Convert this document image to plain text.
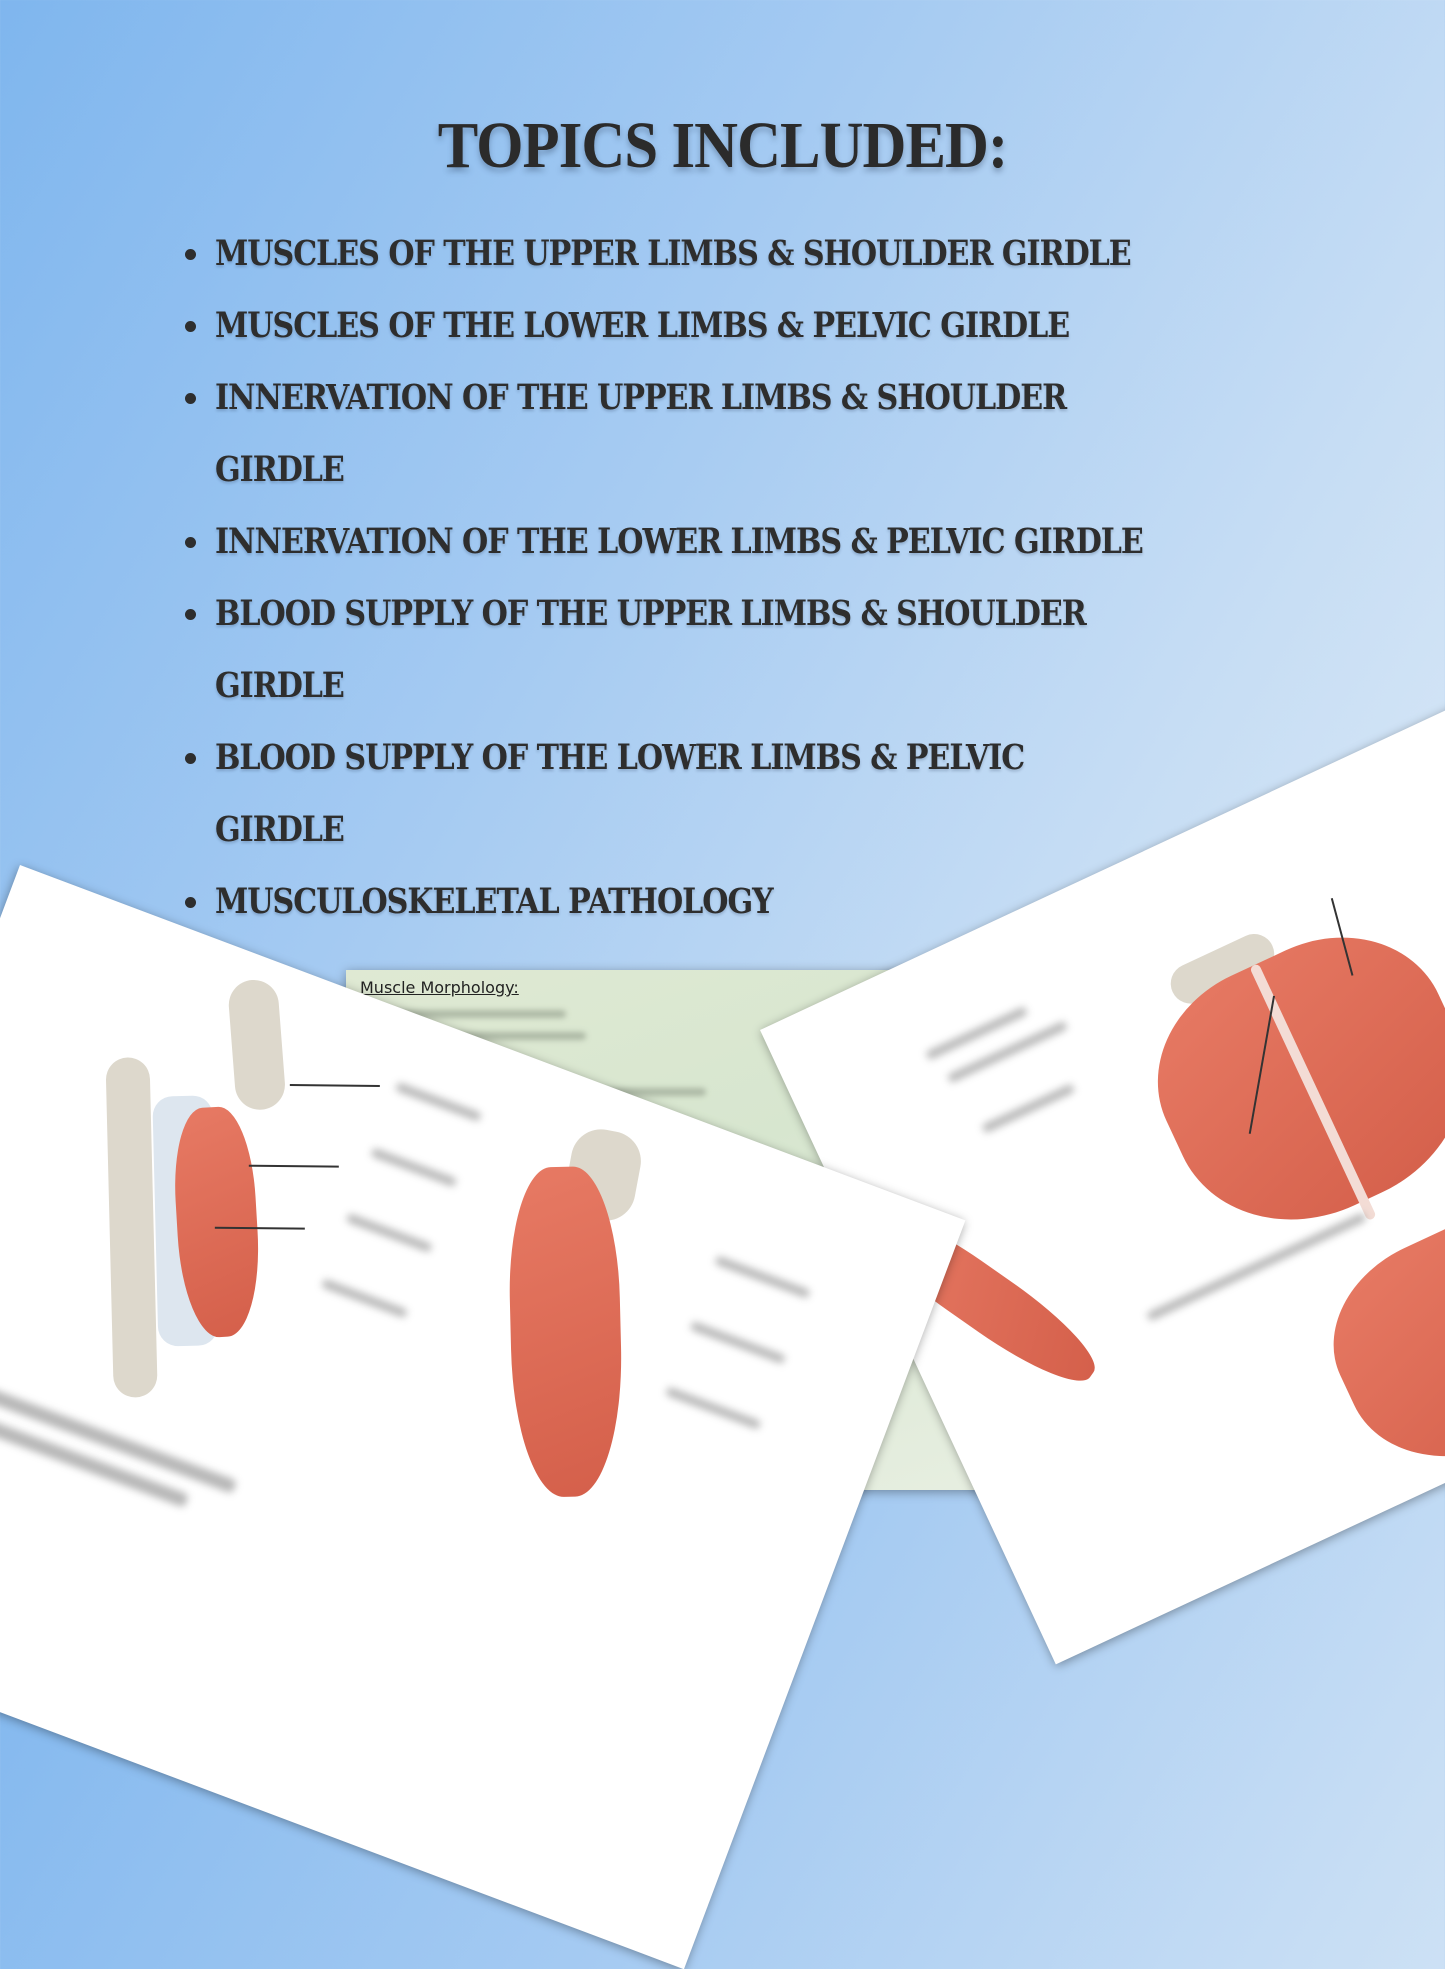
TOPICS INCLUDED:
MUSCLES OF THE UPPER LIMBS & SHOULDER GIRDLE
MUSCLES OF THE LOWER LIMBS & PELVIC GIRDLE
INNERVATION OF THE UPPER LIMBS & SHOULDER GIRDLE
INNERVATION OF THE LOWER LIMBS & PELVIC GIRDLE
BLOOD SUPPLY OF THE UPPER LIMBS & SHOULDER GIRDLE
BLOOD SUPPLY OF THE LOWER LIMBS & PELVIC GIRDLE
MUSCULOSKELETAL PATHOLOGY
Muscle Morphology:
